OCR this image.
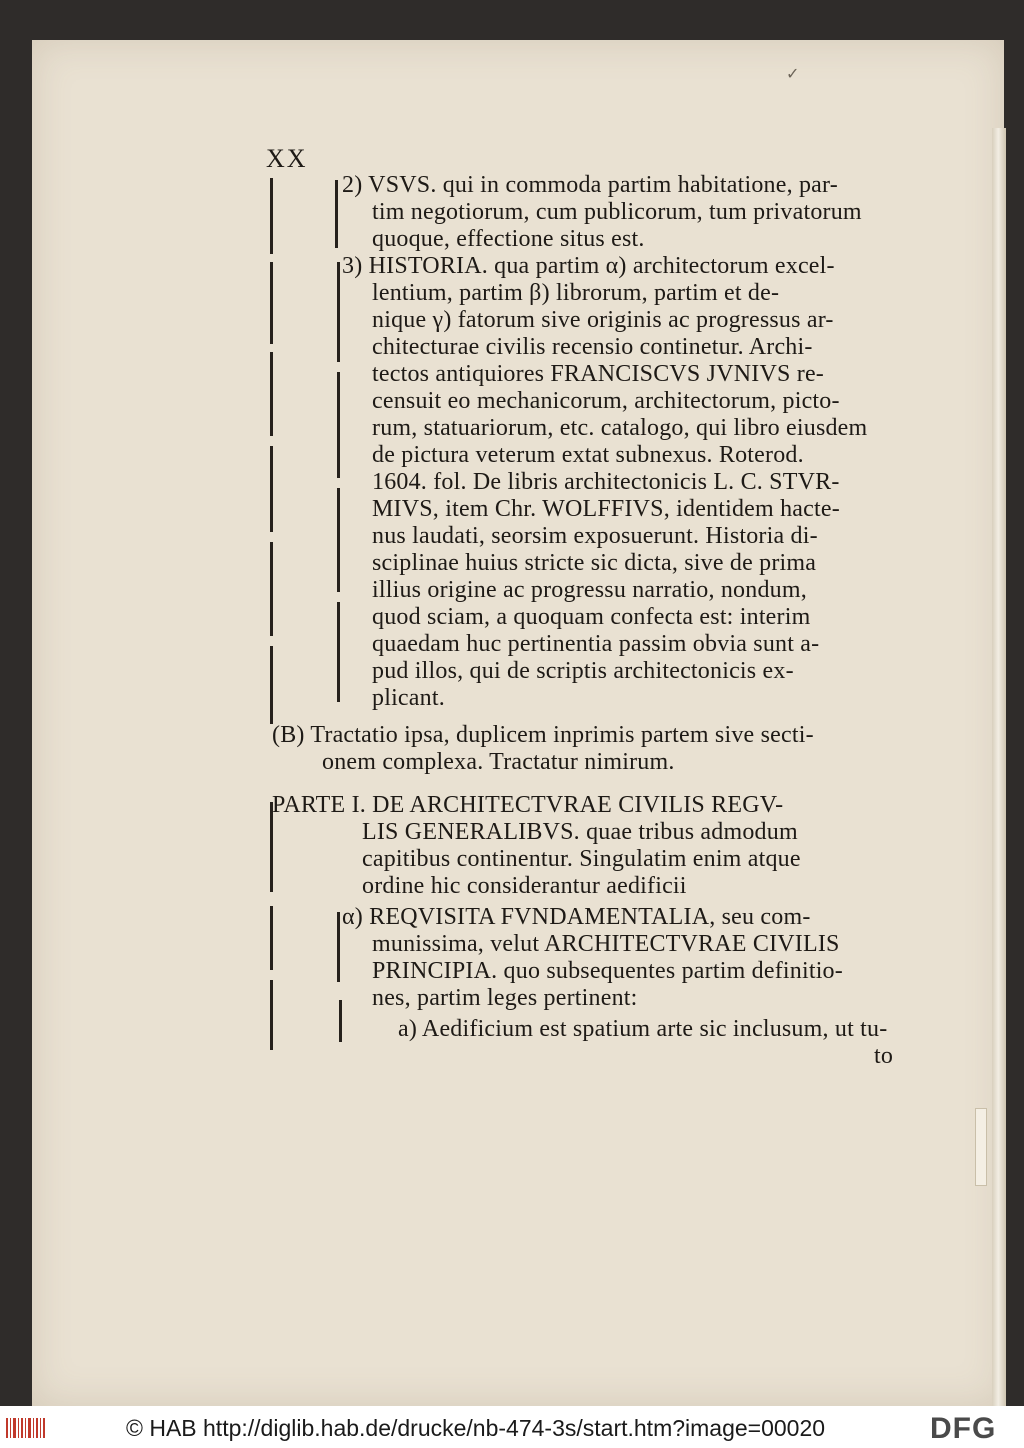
✓
XX
2) VSVS. qui in commoda partim habitatione, par-
tim negotiorum, cum publicorum, tum privatorum
quoque, effectione situs est.
3) HISTORIA. qua partim α) architectorum excel-
lentium, partim β) librorum, partim et de-
nique γ) fatorum sive originis ac progressus ar-
chitecturae civilis recensio continetur. Archi-
tectos antiquiores FRANCISCVS JVNIVS re-
censuit eo mechanicorum, architectorum, picto-
rum, statuariorum, etc. catalogo, qui libro eiusdem
de pictura veterum extat subnexus. Roterod.
1604. fol. De libris architectonicis L. C. STVR-
MIVS, item Chr. WOLFFIVS, identidem hacte-
nus laudati, seorsim exposuerunt. Historia di-
sciplinae huius stricte sic dicta, sive de prima
illius origine ac progressu narratio, nondum,
quod sciam, a quoquam confecta est: interim
quaedam huc pertinentia passim obvia sunt a-
pud illos, qui de scriptis architectonicis ex-
plicant.
(B) Tractatio ipsa, duplicem inprimis partem sive secti-
onem complexa. Tractatur nimirum.
PARTE I. DE ARCHITECTVRAE CIVILIS REGV-
LIS GENERALIBVS. quae tribus admodum
capitibus continentur. Singulatim enim atque
ordine hic considerantur aedificii
α) REQVISITA FVNDAMENTALIA, seu com-
munissima, velut ARCHITECTVRAE CIVILIS
PRINCIPIA. quo subsequentes partim definitio-
nes, partim leges pertinent:
a) Aedificium est spatium arte sic inclusum, ut tu-
to
© HAB http://diglib.hab.de/drucke/nb-474-3s/start.htm?image=00020	DFG
